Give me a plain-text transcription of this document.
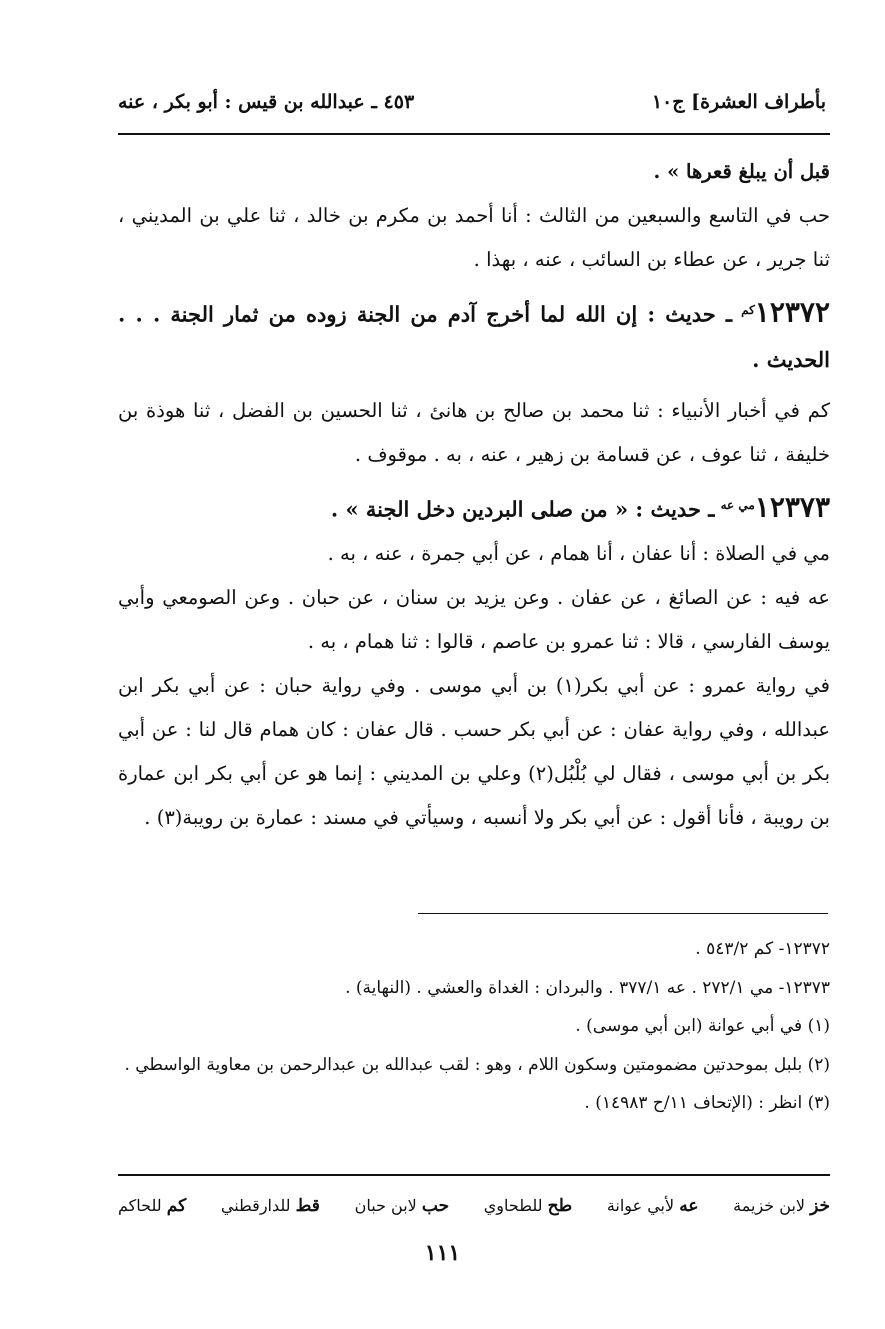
بأطراف العشرة] ج١٠
٤٥٣ ـ عبدالله بن قيس : أبو بكر ، عنه

قبل أن يبلغ قعرها » .

حب في التاسع والسبعين من الثالث : أنا أحمد بن مكرم بن خالد ، ثنا علي بن المديني ، ثنا جرير ، عن عطاء بن السائب ، عنه ، بهذا .

$١٢٣٧٢^{كم}$ ـ حديث : إن الله لما أخرج آدم من الجنة زوده من ثمار الجنة . . . الحديث .

كم في أخبار الأنبياء : ثنا محمد بن صالح بن هانئ ، ثنا الحسين بن الفضل ، ثنا هوذة بن خليفة ، ثنا عوف ، عن قسامة بن زهير ، عنه ، به . موقوف .

$١٢٣٧٣^{مي عه}$ ـ حديث : « من صلى البردين دخل الجنة » .

مي في الصلاة : أنا عفان ، أنا همام ، عن أبي جمرة ، عنه ، به .

عه فيه : عن الصائغ ، عن عفان . وعن يزيد بن سنان ، عن حبان . وعن الصومعي وأبي يوسف الفارسي ، قالا : ثنا عمرو بن عاصم ، قالوا : ثنا همام ، به .

في رواية عمرو : عن أبي بكر(١) بن أبي موسى . وفي رواية حبان : عن أبي بكر ابن عبدالله ، وفي رواية عفان : عن أبي بكر حسب . قال عفان : كان همام قال لنا : عن أبي بكر بن أبي موسى ، فقال لي بُلْبُل(٢) وعلي بن المديني : إنما هو عن أبي بكر ابن عمارة بن رويبة ، فأنا أقول : عن أبي بكر ولا أنسبه ، وسيأتي في مسند : عمارة بن رويبة(٣) .

١٢٣٧٢- كم ٥٤٣/٢ .

١٢٣٧٣- مي ٢٧٢/١ . عه ٣٧٧/١ . والبردان : الغداة والعشي . (النهاية) .

(١) في أبي عوانة (ابن أبي موسى) .

(٢) بلبل بموحدتين مضمومتين وسكون اللام ، وهو : لقب عبدالله بن عبدالرحمن بن معاوية الواسطي .

(٣) انظر : (الإتحاف ١١/ح ١٤٩٨٣) .

خز لابن خزيمة
عه لأبي عوانة
طح للطحاوي
حب لابن حبان
قط للدارقطني
كم للحاكم
١١١
